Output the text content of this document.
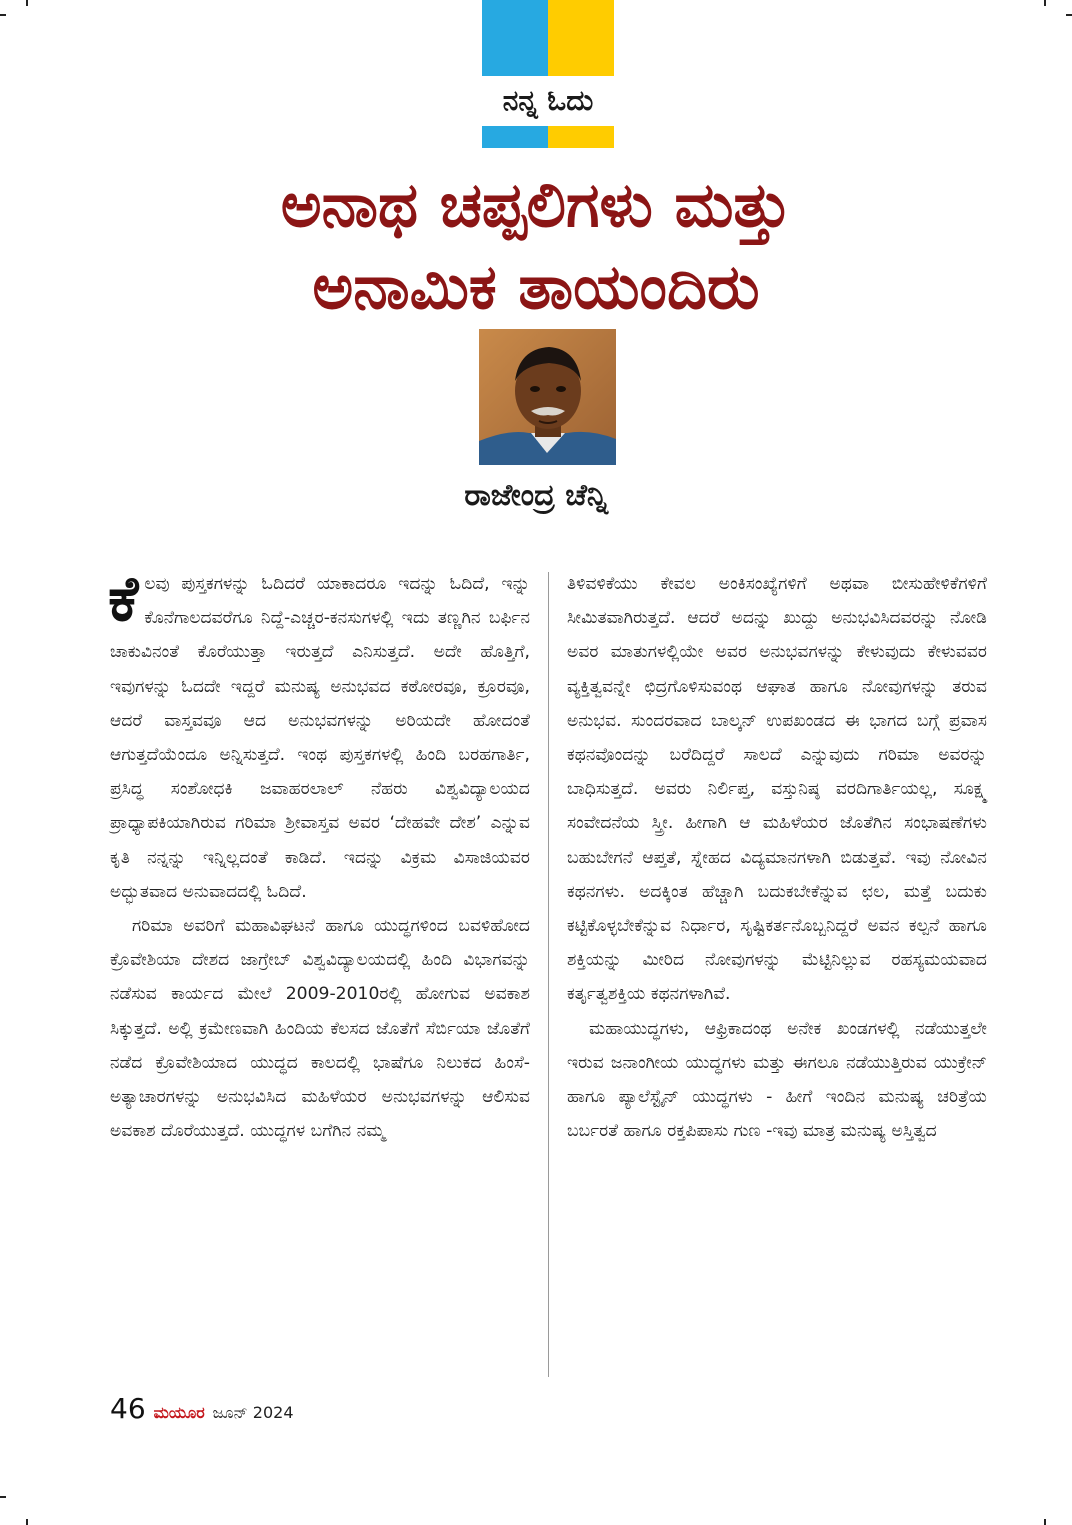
ನನ್ನ ಓದು
ಅನಾಥ ಚಪ್ಪಲಿಗಳು ಮತ್ತು
ಅನಾಮಿಕ ತಾಯಂದಿರು
ರಾಜೇಂದ್ರ ಚೆನ್ನಿ

ಕೆಲವು ಪುಸ್ತಕಗಳನ್ನು ಓದಿದರೆ ಯಾಕಾದರೂ ಇದನ್ನು ಓದಿದೆ, ಇನ್ನು ಕೊನೆಗಾಲದವರೆಗೂ ನಿದ್ದೆ-ಎಚ್ಚರ-ಕನಸುಗಳಲ್ಲಿ ಇದು ತಣ್ಣಗಿನ ಬರ್ಫಿನ ಚಾಕುವಿನಂತೆ ಕೊರೆಯುತ್ತಾ ಇರುತ್ತದೆ ಎನಿಸುತ್ತದೆ. ಅದೇ ಹೊತ್ತಿಗೆ, ಇವುಗಳನ್ನು ಓದದೇ ಇದ್ದರೆ ಮನುಷ್ಯ ಅನುಭವದ ಕಠೋರವೂ, ಕ್ರೂರವೂ, ಆದರೆ ವಾಸ್ತವವೂ ಆದ ಅನುಭವಗಳನ್ನು ಅರಿಯದೇ ಹೋದಂತೆ ಆಗುತ್ತದೆಯೆಂದೂ ಅನ್ನಿಸುತ್ತದೆ. ಇಂಥ ಪುಸ್ತಕಗಳಲ್ಲಿ ಹಿಂದಿ ಬರಹಗಾರ್ತಿ, ಪ್ರಸಿದ್ಧ ಸಂಶೋಧಕಿ ಜವಾಹರಲಾಲ್ ನೆಹರು ವಿಶ್ವವಿದ್ಯಾಲಯದ ಪ್ರಾಧ್ಯಾಪಕಿಯಾಗಿರುವ ಗರಿಮಾ ಶ್ರೀವಾಸ್ತವ ಅವರ ‘ದೇಹವೇ ದೇಶ’ ಎನ್ನುವ ಕೃತಿ ನನ್ನನ್ನು ಇನ್ನಿಲ್ಲದಂತೆ ಕಾಡಿದೆ. ಇದನ್ನು ವಿಕ್ರಮ ವಿಸಾಜಿಯವರ ಅದ್ಭುತವಾದ ಅನುವಾದದಲ್ಲಿ ಓದಿದೆ.

ಗರಿಮಾ ಅವರಿಗೆ ಮಹಾವಿಘಟನೆ ಹಾಗೂ ಯುದ್ಧಗಳಿಂದ ಬವಳಿಹೋದ ಕ್ರೊವೇಶಿಯಾ ದೇಶದ ಜಾಗ್ರೇಬ್ ವಿಶ್ವವಿದ್ಯಾಲಯದಲ್ಲಿ ಹಿಂದಿ ವಿಭಾಗವನ್ನು ನಡೆಸುವ ಕಾರ್ಯದ ಮೇಲೆ 2009-2010ರಲ್ಲಿ ಹೋಗುವ ಅವಕಾಶ ಸಿಕ್ಕುತ್ತದೆ. ಅಲ್ಲಿ ಕ್ರಮೇಣವಾಗಿ ಹಿಂದಿಯ ಕೆಲಸದ ಜೊತೆಗೆ ಸೆರ್ಬಿಯಾ ಜೊತೆಗೆ ನಡೆದ ಕ್ರೊವೇಶಿಯಾದ ಯುದ್ಧದ ಕಾಲದಲ್ಲಿ ಭಾಷೆಗೂ ನಿಲುಕದ ಹಿಂಸೆ-ಅತ್ಯಾಚಾರಗಳನ್ನು ಅನುಭವಿಸಿದ ಮಹಿಳೆಯರ ಅನುಭವಗಳನ್ನು ಆಲಿಸುವ ಅವಕಾಶ ದೊರೆಯುತ್ತದೆ. ಯುದ್ಧಗಳ ಬಗೆಗಿನ ನಮ್ಮ

ತಿಳಿವಳಿಕೆಯು ಕೇವಲ ಅಂಕಿಸಂಖ್ಯೆಗಳಿಗೆ ಅಥವಾ ಬೀಸುಹೇಳಿಕೆಗಳಿಗೆ ಸೀಮಿತವಾಗಿರುತ್ತದೆ. ಆದರೆ ಅದನ್ನು ಖುದ್ದು ಅನುಭವಿಸಿದವರನ್ನು ನೋಡಿ ಅವರ ಮಾತುಗಳಲ್ಲಿಯೇ ಅವರ ಅನುಭವಗಳನ್ನು ಕೇಳುವುದು ಕೇಳುವವರ ವ್ಯಕ್ತಿತ್ವವನ್ನೇ ಛಿದ್ರಗೊಳಿಸುವಂಥ ಆಘಾತ ಹಾಗೂ ನೋವುಗಳನ್ನು ತರುವ ಅನುಭವ. ಸುಂದರವಾದ ಬಾಲ್ಕನ್ ಉಪಖಂಡದ ಈ ಭಾಗದ ಬಗ್ಗೆ ಪ್ರವಾಸ ಕಥನವೊಂದನ್ನು ಬರೆದಿದ್ದರೆ ಸಾಲದೆ ಎನ್ನುವುದು ಗರಿಮಾ ಅವರನ್ನು ಬಾಧಿಸುತ್ತದೆ. ಅವರು ನಿರ್ಲಿಪ್ತ, ವಸ್ತುನಿಷ್ಠ ವರದಿಗಾರ್ತಿಯಲ್ಲ, ಸೂಕ್ಷ್ಮ ಸಂವೇದನೆಯ ಸ್ತ್ರೀ. ಹೀಗಾಗಿ ಆ ಮಹಿಳೆಯರ ಜೊತೆಗಿನ ಸಂಭಾಷಣೆಗಳು ಬಹುಬೇಗನೆ ಆಪ್ತತೆ, ಸ್ನೇಹದ ವಿದ್ಯಮಾನಗಳಾಗಿ ಬಿಡುತ್ತವೆ. ಇವು ನೋವಿನ ಕಥನಗಳು. ಅದಕ್ಕಿಂತ ಹೆಚ್ಚಾಗಿ ಬದುಕಬೇಕೆನ್ನುವ ಛಲ, ಮತ್ತೆ ಬದುಕು ಕಟ್ಟಿಕೊಳ್ಳಬೇಕೆನ್ನುವ ನಿರ್ಧಾರ, ಸೃಷ್ಟಿಕರ್ತನೊಬ್ಬನಿದ್ದರೆ ಅವನ ಕಲ್ಪನೆ ಹಾಗೂ ಶಕ್ತಿಯನ್ನು ಮೀರಿದ ನೋವುಗಳನ್ನು ಮೆಟ್ಟಿನಿಲ್ಲುವ ರಹಸ್ಯಮಯವಾದ ಕರ್ತೃತ್ವಶಕ್ತಿಯ ಕಥನಗಳಾಗಿವೆ.

ಮಹಾಯುದ್ಧಗಳು, ಆಫ್ರಿಕಾದಂಥ ಅನೇಕ ಖಂಡಗಳಲ್ಲಿ ನಡೆಯುತ್ತಲೇ ಇರುವ ಜನಾಂಗೀಯ ಯುದ್ಧಗಳು ಮತ್ತು ಈಗಲೂ ನಡೆಯುತ್ತಿರುವ ಯುಕ್ರೇನ್ ಹಾಗೂ ಪ್ಯಾಲೆಸ್ಟೈನ್ ಯುದ್ಧಗಳು - ಹೀಗೆ ಇಂದಿನ ಮನುಷ್ಯ ಚರಿತ್ರೆಯ ಬರ್ಬರತೆ ಹಾಗೂ ರಕ್ತಪಿಪಾಸು ಗುಣ -ಇವು ಮಾತ್ರ ಮನುಷ್ಯ ಅಸ್ತಿತ್ವದ

46 ಮಯೂರ ಜೂನ್ 2024
